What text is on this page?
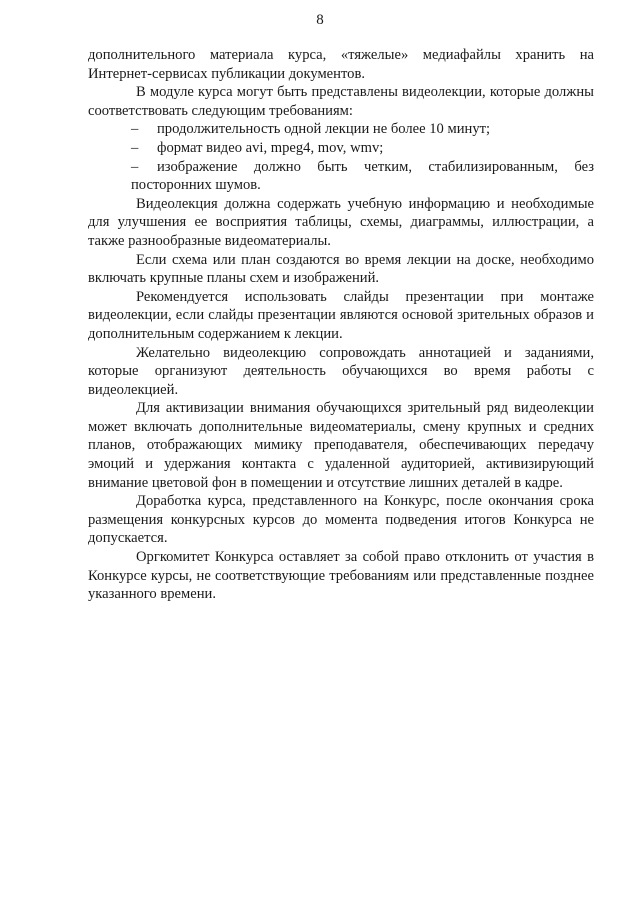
8

дополнительного материала курса, «тяжелые» медиафайлы хранить на Интернет-сервисах публикации документов.

В модуле курса могут быть представлены видеолекции, которые должны соответствовать следующим требованиям:

–	продолжительность одной лекции не более 10 минут;
–	формат видео avi, mpeg4, mov, wmv;

– изображение должно быть четким, стабилизированным, без посторонних шумов.

Видеолекция должна содержать учебную информацию и необходимые для улучшения ее восприятия таблицы, схемы, диаграммы, иллюстрации, а также разнообразные видеоматериалы.

Если схема или план создаются во время лекции на доске, необходимо включать крупные планы схем и изображений.

Рекомендуется использовать слайды презентации при монтаже видеолекции, если слайды презентации являются основой зрительных образов и дополнительным содержанием к лекции.

Желательно видеолекцию сопровождать аннотацией и заданиями, которые организуют деятельность обучающихся во время работы с видеолекцией.

Для активизации внимания обучающихся зрительный ряд видеолекции может включать дополнительные видеоматериалы, смену крупных и средних планов, отображающих мимику преподавателя, обеспечивающих передачу эмоций и удержания контакта с удаленной аудиторией, активизирующий внимание цветовой фон в помещении и отсутствие лишних деталей в кадре.

Доработка курса, представленного на Конкурс, после окончания срока размещения конкурсных курсов до момента подведения итогов Конкурса не допускается.

Оргкомитет Конкурса оставляет за собой право отклонить от участия в Конкурсе курсы, не соответствующие требованиям или представленные позднее указанного времени.
